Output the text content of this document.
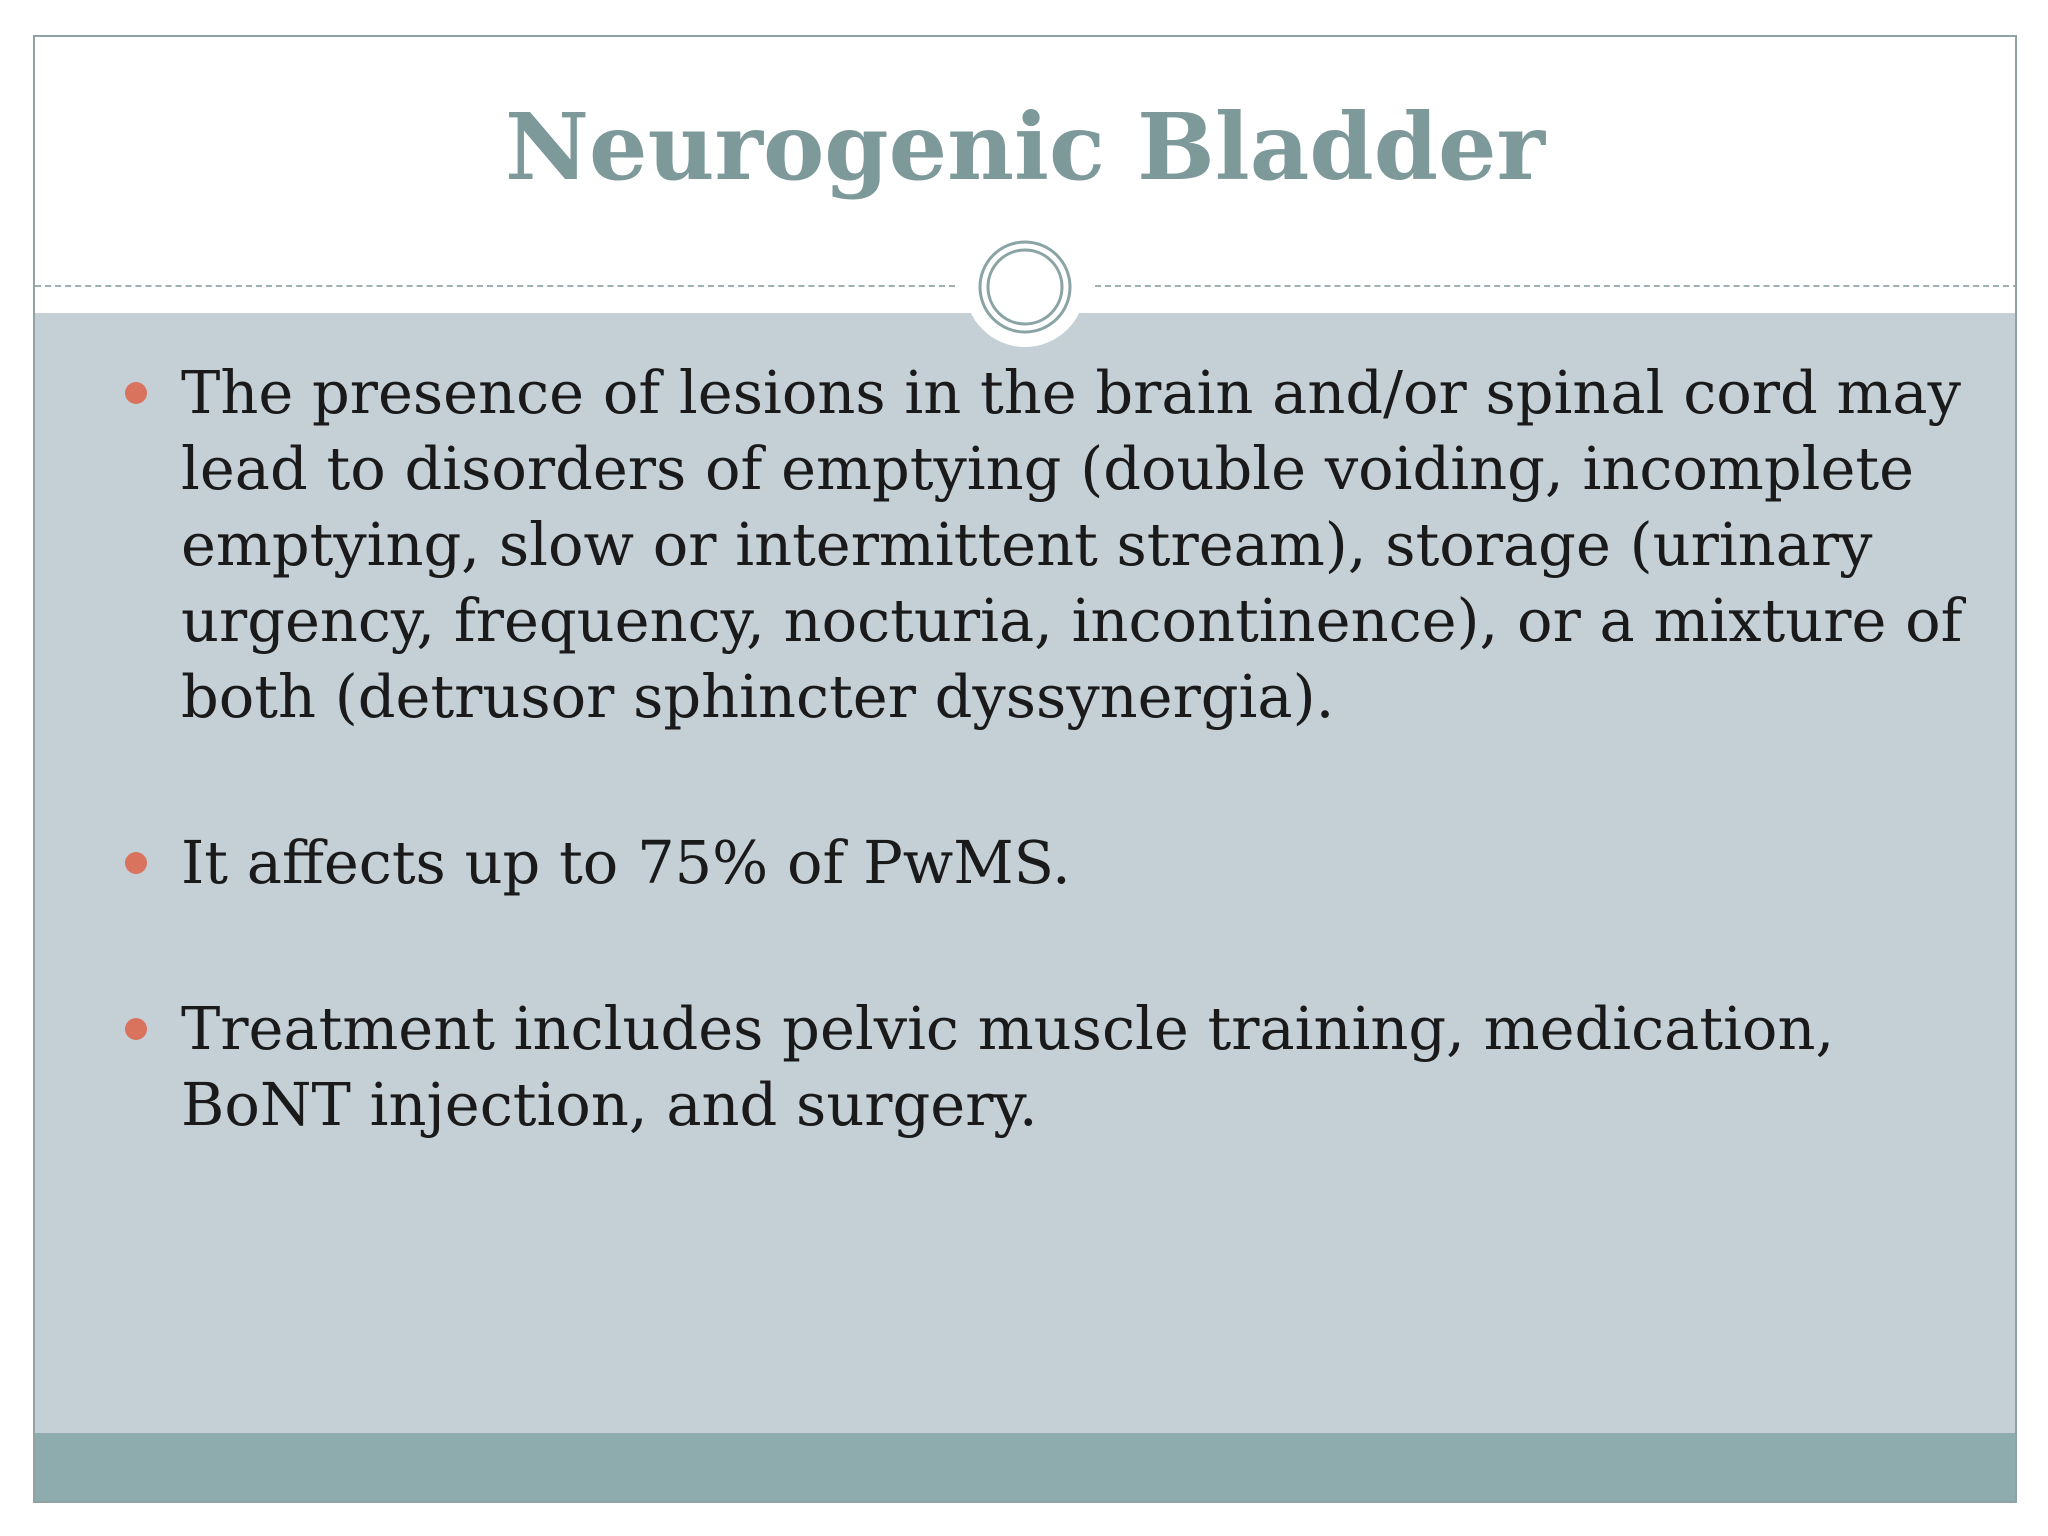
Neurogenic Bladder
The presence of lesions in the brain and/or spinal cord may lead to disorders of emptying (double voiding, incomplete emptying, slow or intermittent stream), storage (urinary urgency, frequency, nocturia, incontinence), or a mixture of both (detrusor sphincter dyssynergia).
It affects up to 75% of PwMS.
Treatment includes pelvic muscle training, medication, BoNT injection, and surgery.
